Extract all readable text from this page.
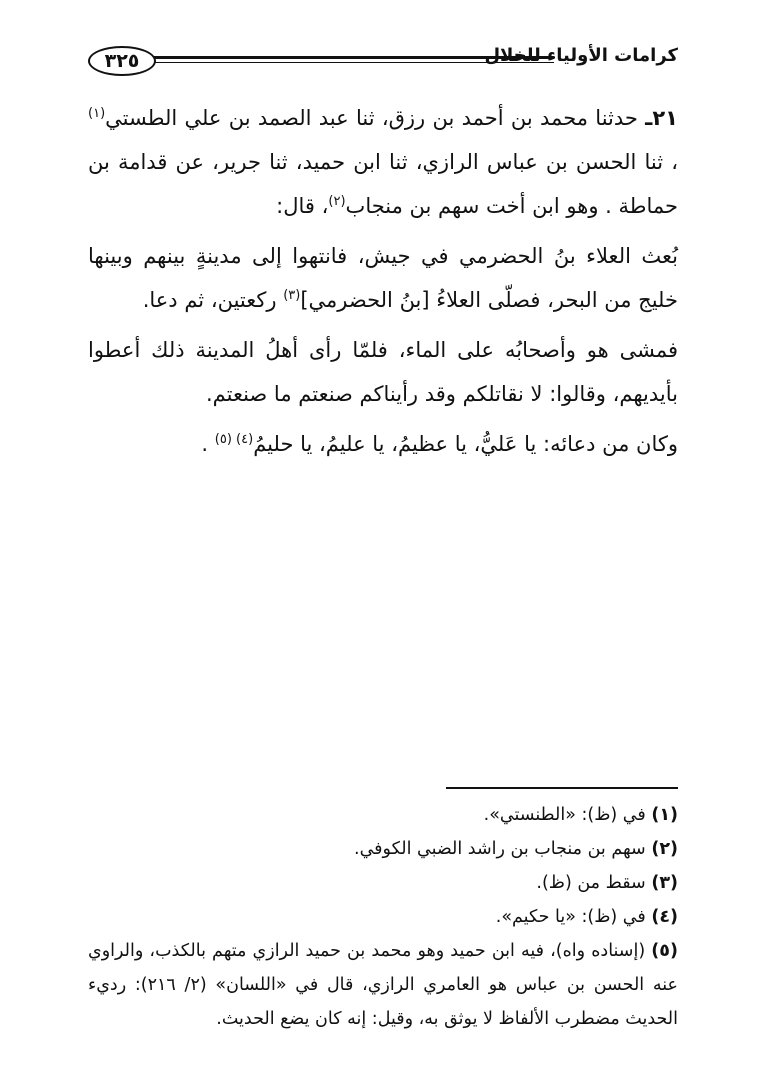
٣٢٥	كرامات الأولياء للخلال

٢١ـ حدثنا محمد بن أحمد بن رزق، ثنا عبد الصمد بن علي الطستي$^{(١)}$ ، ثنا الحسن بن عباس الرازي، ثنا ابن حميد، ثنا جرير، عن قدامة بن حماطة . وهو ابن أخت سهم بن منجاب$^{(٢)}$، قال:

بُعث العلاء بنُ الحضرمي في جيش، فانتهوا إلى مدينةٍ بينهم وبينها خليج من البحر، فصلّى العلاءُ [بنُ الحضرمي]$^{(٣)}$ ركعتين، ثم دعا.

فمشى هو وأصحابُه على الماء، فلمّا رأى أهلُ المدينة ذلك أعطوا بأيديهم، وقالوا: لا نقاتلكم وقد رأيناكم صنعتم ما صنعتم.

وكان من دعائه: يا عَليُّ، يا عظيمُ، يا عليمُ، يا حليمُ$^{(٤)}$ $^{(٥)}$ .

(١) في (ظ): «الطنستي».

(٢) سهم بن منجاب بن راشد الضبي الكوفي.

(٣) سقط من (ظ).

(٤) في (ظ): «يا حكيم».

(٥) (إسناده واه)، فيه ابن حميد وهو محمد بن حميد الرازي متهم بالكذب، والراوي عنه الحسن بن عباس هو العامري الرازي، قال في «اللسان» (٢/ ٢١٦): رديء الحديث مضطرب الألفاظ لا يوثق به، وقيل: إنه كان يضع الحديث.
